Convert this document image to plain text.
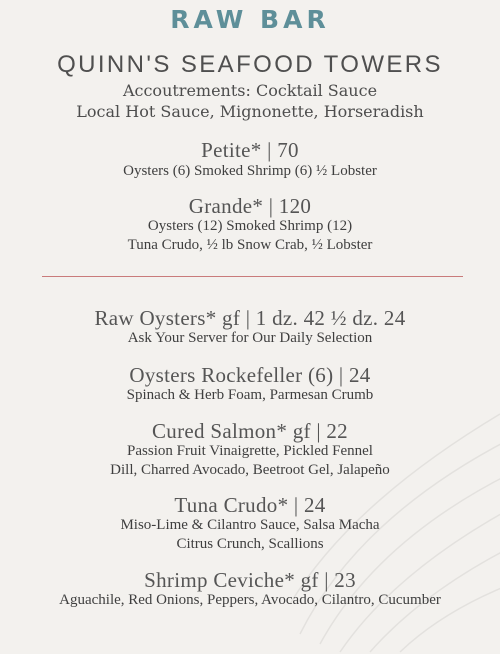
RAW BAR
QUINN'S SEAFOOD TOWERS
Accoutrements: Cocktail Sauce
Local Hot Sauce, Mignonette, Horseradish
Petite* | 70
Oysters (6) Smoked Shrimp (6) ½ Lobster
Grande* | 120
Oysters (12) Smoked Shrimp (12)
Tuna Crudo, ½ lb Snow Crab, ½ Lobster
Raw Oysters* gf | 1 dz. 42 ½ dz. 24
Ask Your Server for Our Daily Selection
Oysters Rockefeller (6) | 24
Spinach & Herb Foam, Parmesan Crumb
Cured Salmon* gf | 22
Passion Fruit Vinaigrette, Pickled Fennel
Dill, Charred Avocado, Beetroot Gel, Jalapeño
Tuna Crudo* | 24
Miso-Lime & Cilantro Sauce, Salsa Macha
Citrus Crunch, Scallions
Shrimp Ceviche* gf | 23
Aguachile, Red Onions, Peppers, Avocado, Cilantro, Cucumber
